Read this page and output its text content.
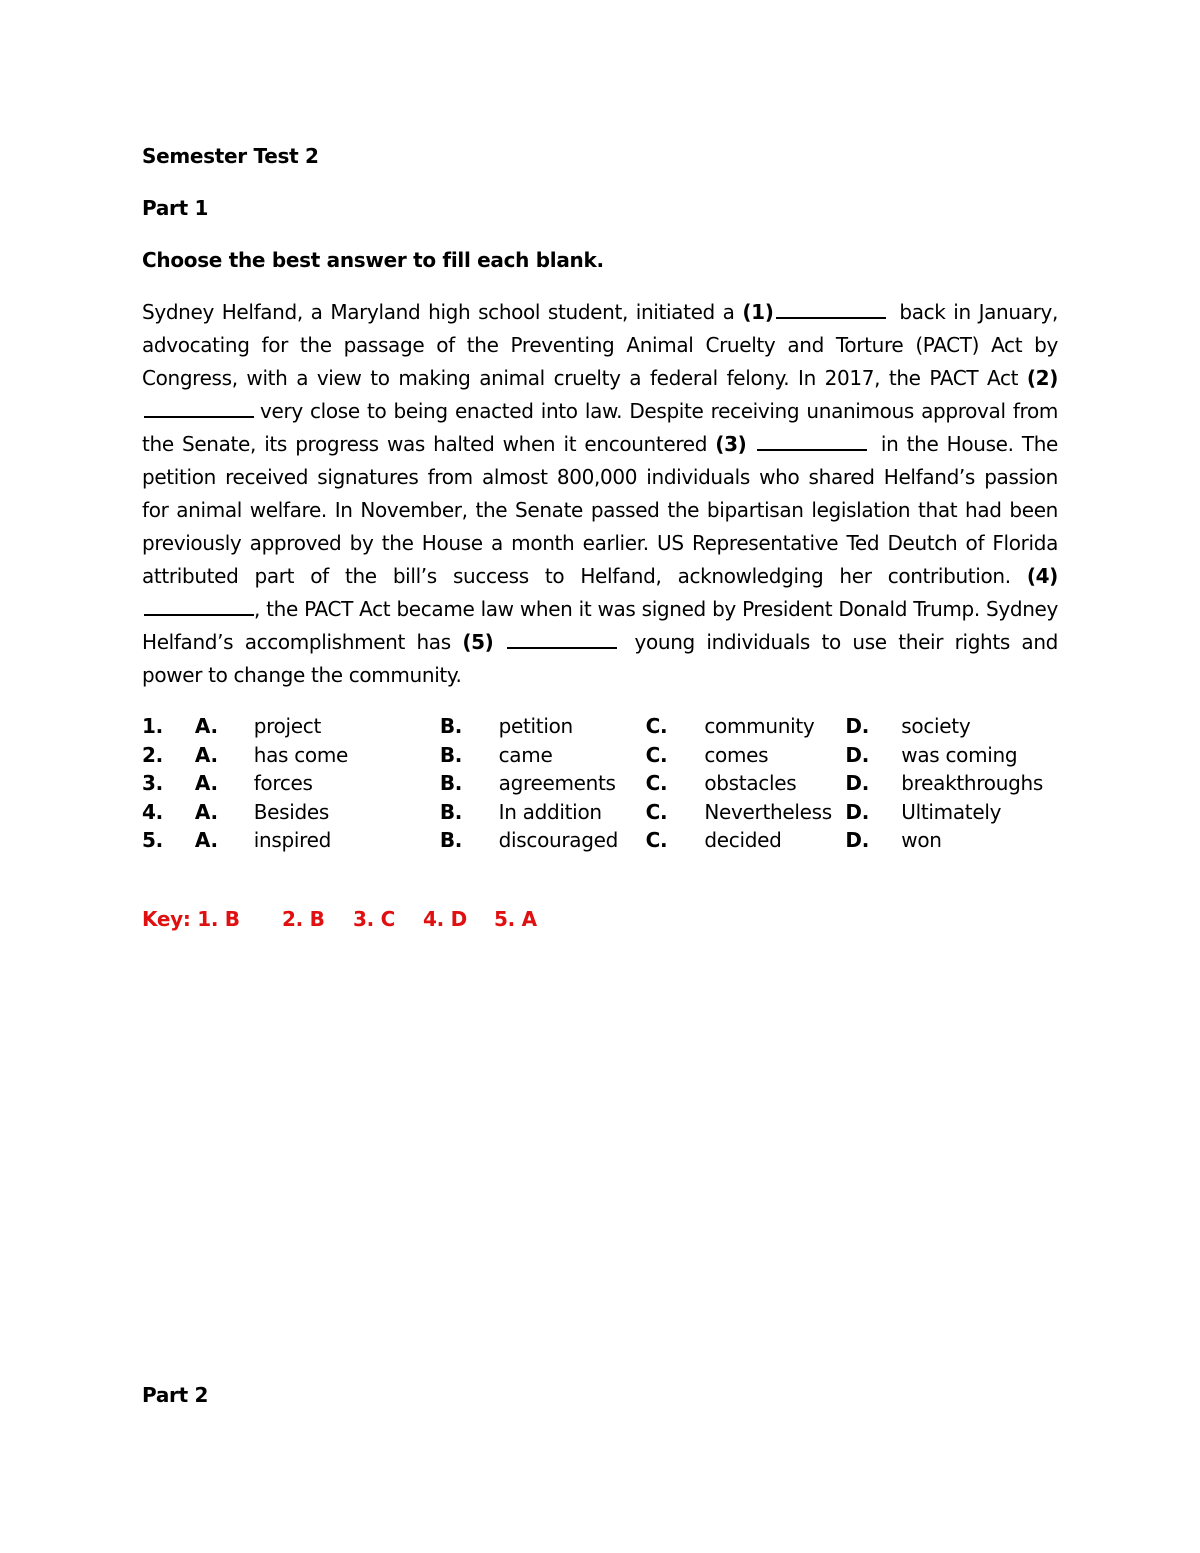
Semester Test 2
Part 1
Choose the best answer to fill each blank.
Sydney Helfand, a Maryland high school student, initiated a (1)	back in January, advocating for the passage of the Preventing Animal Cruelty and Torture (PACT) Act by Congress, with a view to making animal cruelty a federal felony. In 2017, the PACT Act (2) very close to being enacted into law. Despite receiving unanimous approval from the Senate, its progress was halted when it encountered (3)	in the House. The petition received signatures from almost 800,000 individuals who shared Helfand’s passion for animal welfare. In November, the Senate passed the bipartisan legislation that had been previously approved by the House a month earlier. US Representative Ted Deutch of Florida attributed part of the bill’s success to Helfand, acknowledging her contribution. (4) , the PACT Act became law when it was signed by President Donald Trump. Sydney Helfand’s accomplishment has (5)	young individuals to use their rights and power to change the community.
1.	A.	project	B.	petition	C.	community	D.	society
2.	A.	has come	B.	came	C.	comes	D.	was coming
3.	A.	forces	B.	agreements	C.	obstacles	D.	breakthroughs
4.	A.	Besides	B.	In addition	C.	Nevertheless D.	Ultimately
5.	A.	inspired	B.	discouraged	C.	decided	D.	won
Key: 1. B	2. B	3. C	4. D	5. A
Part 2
